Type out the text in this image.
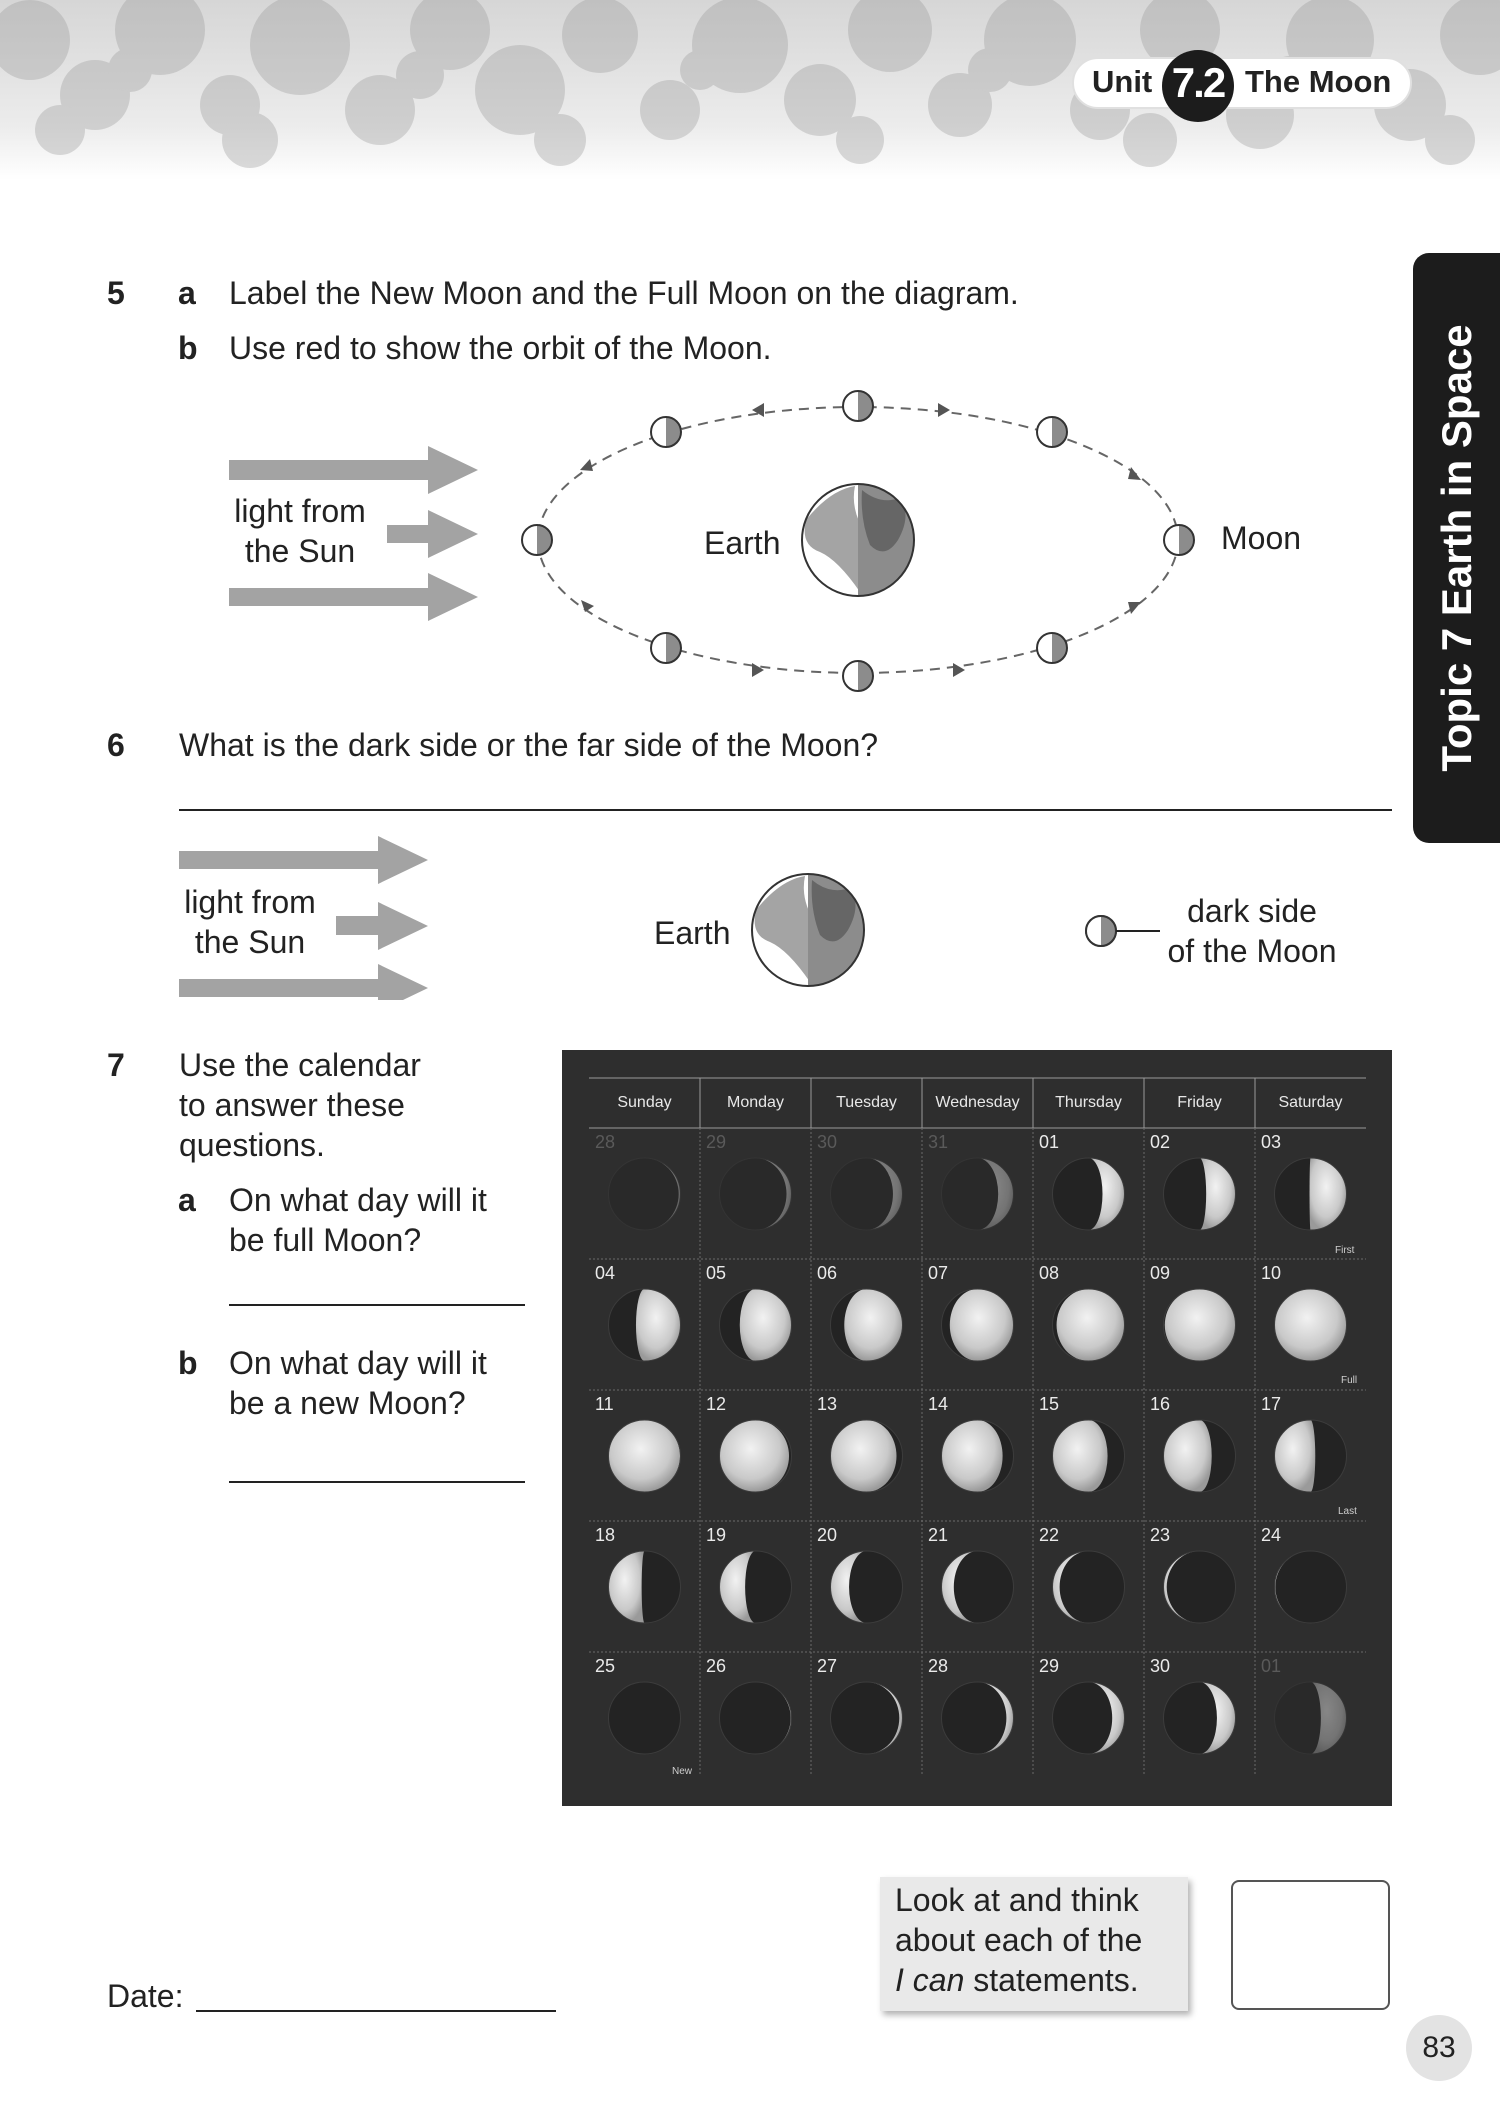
Unit 7.2 The Moon
Topic 7 Earth in Space
5 a Label the New Moon and the Full Moon on the diagram.
b Use red to show the orbit of the Moon.
light from
the Sun	Earth	Moon
6 What is the dark side or the far side of the Moon?
light from
the Sun	Earth
dark side
of the Moon
7 Use the calendar
to answer these
questions.
a On what day will it
be full Moon?
b On what day will it
be a new Moon?
Sunday	Monday	Tuesday	Wednesday	Thursday	Friday	Saturday
28	29	30	31	01	02	03
04	05	06	07	08	09	10
11	12	13	14	15	16	17
18	19	20	21	22	23	24
25	26	27	28	29	30	01
First
Full
Last
New
Date:
Look at and think
about each of the
I can statements.
83
